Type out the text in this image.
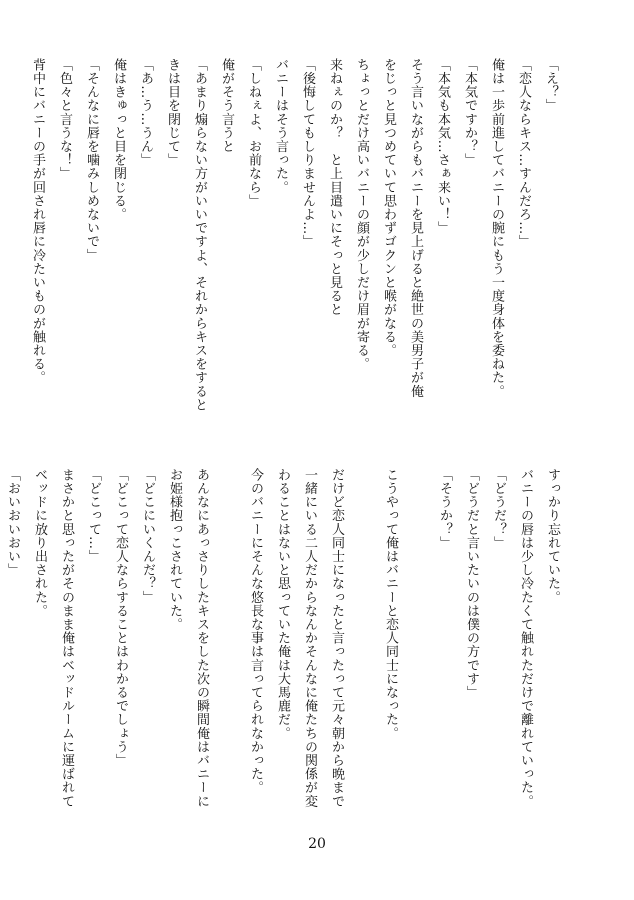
「え？」
「恋人ならキス…すんだろ…」
俺は一歩前進してバニーの腕にもう一度身体を委ねた。
「本気ですか？」
「本気も本気…さぁ来い！」
そう言いながらもバニーを見上げると絶世の美男子が俺
をじっと見つめていて思わずゴクンと喉がなる。
ちょっとだけ高いバニーの顔が少しだけ眉が寄る。
来ねぇのか？　と上目遣いにそっと見ると
「後悔してもしりませんよ…」
バニーはそう言った。
「しねぇよ、お前なら」
俺がそう言うと
「あまり煽らない方がいいですよ、それからキスをすると
きは目を閉じて」
「あ…う…うん」
俺はきゅっと目を閉じる。
「そんなに唇を噛みしめないで」
「色々と言うな！」
背中にバニーの手が回され唇に冷たいものが触れる。
すっかり忘れていた。
バニーの唇は少し冷たくて触れただけで離れていった。
「どうだ？」
「どうだと言いたいのは僕の方です」
「そうか？」
こうやって俺はバニーと恋人同士になった。
だけど恋人同士になったと言ったって元々朝から晩まで
一緒にいる二人だからなんかそんなに俺たちの関係が変
わることはないと思っていた俺は大馬鹿だ。
今のバニーにそんな悠長な事は言ってられなかった。
あんなにあっさりしたキスをした次の瞬間俺はバニーに
お姫様抱っこされていた。
「どこにいくんだ？」
「どこって恋人ならすることはわかるでしょう」
「どこって…」
まさかと思ったがそのまま俺はベッドルームに運ばれて
ベッドに放り出された。
「おいおいおい」
20
